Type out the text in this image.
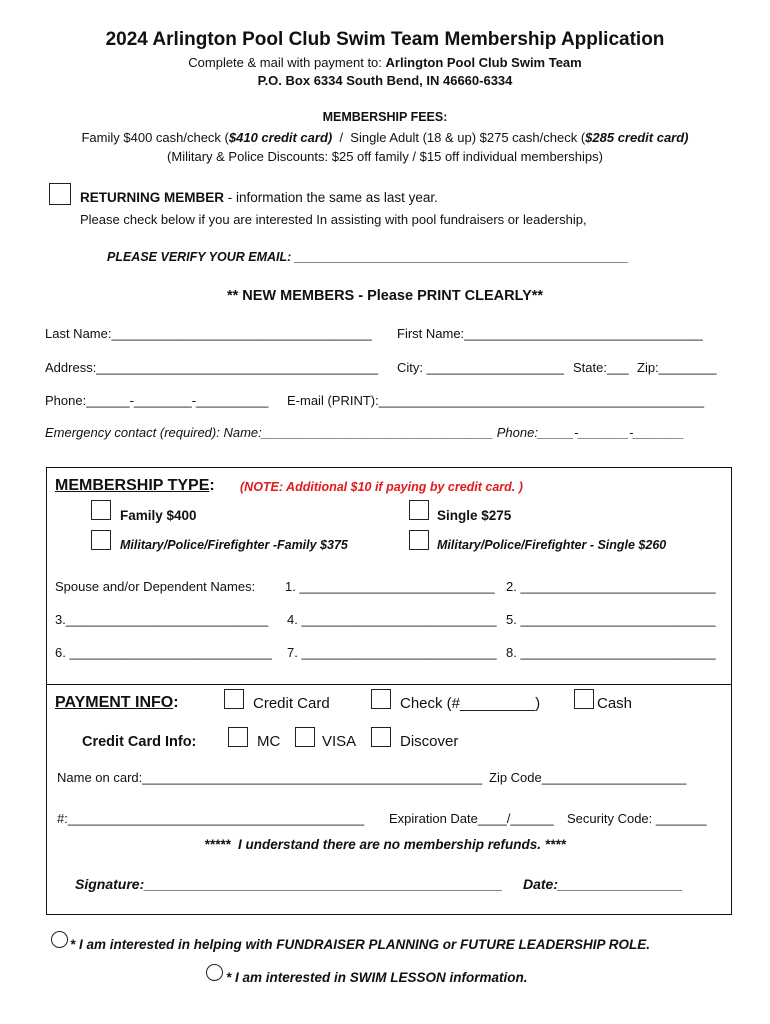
2024 Arlington Pool Club Swim Team Membership Application
Complete & mail with payment to: Arlington Pool Club Swim Team
P.O. Box 6334 South Bend, IN 46660-6334
MEMBERSHIP FEES:
Family $400 cash/check ($410 credit card)  /  Single Adult (18 & up) $275 cash/check ($285 credit card)
(Military & Police Discounts: $25 off family / $15 off individual memberships)
RETURNING MEMBER - information the same as last year.
Please check below if you are interested In assisting with pool fundraisers or leadership,
PLEASE VERIFY YOUR EMAIL: ________________________________________________
** NEW MEMBERS - Please PRINT CLEARLY**
Last Name:____________________________________ First Name:_________________________________
Address:_______________________________________ City: ___________________ State:___ Zip:________
Phone:______-________-__________ E-mail (PRINT):_____________________________________________
Emergency contact (required): Name:________________________________ Phone:_____-_______-_______
MEMBERSHIP TYPE: (NOTE: Additional $10 if paying by credit card. )
Family $400	Single $275
Military/Police/Firefighter -Family $375	Military/Police/Firefighter - Single $260
Spouse and/or Dependent Names: 1. ___________________________ 2. ___________________________
3.____________________________ 4. ___________________________ 5. ___________________________
6. ____________________________ 7. ___________________________ 8. ___________________________
PAYMENT INFO:	Credit Card	Check (#_________)	Cash
Credit Card Info:	MC	VISA	Discover
Name on card:_______________________________________________ Zip Code____________________
#:_________________________________________ Expiration Date____/______ Security Code: _______
*****  I understand there are no membership refunds. ****
Signature:______________________________________________ Date:________________
* I am interested in helping with FUNDRAISER PLANNING or FUTURE LEADERSHIP ROLE.
* I am interested in SWIM LESSON information.
